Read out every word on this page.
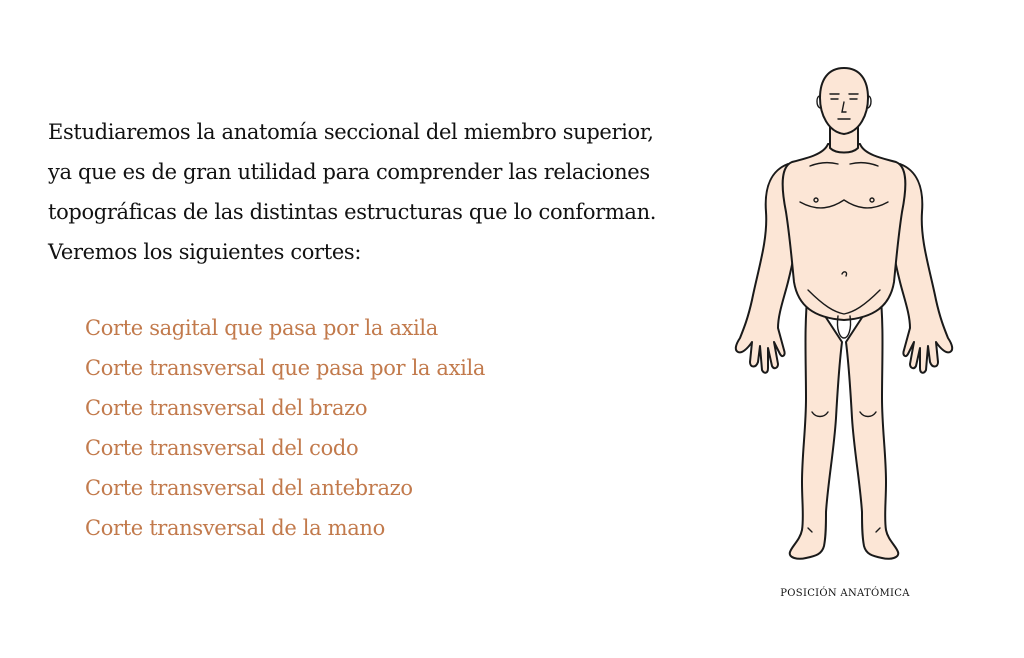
Estudiaremos la anatomía seccional del miembro superior,
ya que es de gran utilidad para comprender las relaciones
topográficas de las distintas estructuras que lo conforman.
Veremos los siguientes cortes:
Corte sagital que pasa por la axila
Corte transversal que pasa por la axila
Corte transversal del brazo
Corte transversal del codo
Corte transversal del antebrazo
Corte transversal de la mano
POSICIÓN ANATÓMICA
